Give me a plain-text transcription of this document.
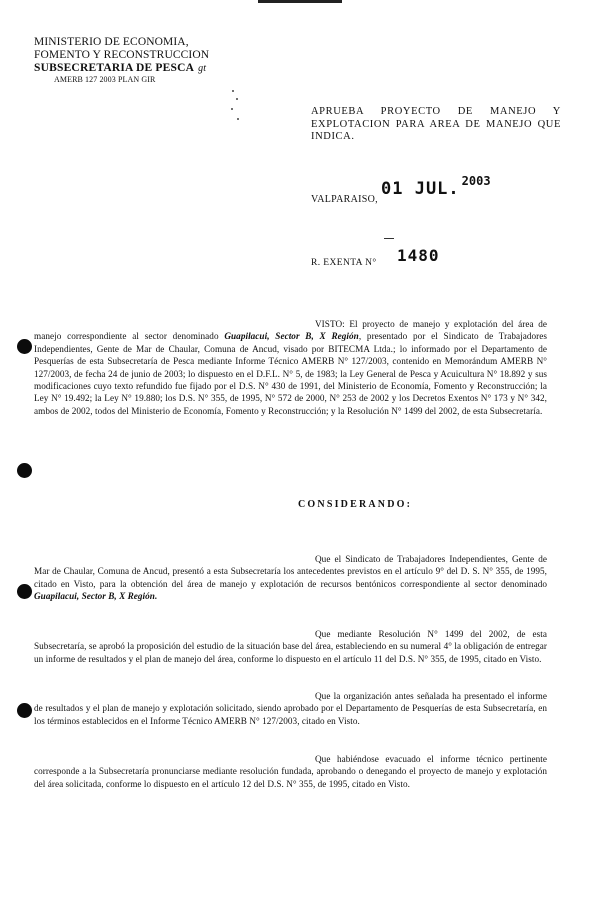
MINISTERIO DE ECONOMIA,
FOMENTO Y RECONSTRUCCION
SUBSECRETARIA DE PESCA gt
AMERB 127 2003 PLAN GIR
APRUEBA PROYECTO DE MANEJO Y EXPLOTACION PARA AREA DE MANEJO QUE INDICA.
VALPARAISO,
01 JUL. $^{2003}$
R. EXENTA N° 1480
VISTO: El proyecto de manejo y explotación del área de manejo correspondiente al sector denominado Guapilacui, Sector B, X Región, presentado por el Sindicato de Trabajadores Independientes, Gente de Mar de Chaular, Comuna de Ancud, visado por BITECMA Ltda.; lo informado por el Departamento de Pesquerías de esta Subsecretaría de Pesca mediante Informe Técnico AMERB N° 127/2003, contenido en Memorándum AMERB N° 127/2003, de fecha 24 de junio de 2003; lo dispuesto en el D.F.L. N° 5, de 1983; la Ley General de Pesca y Acuicultura N° 18.892 y sus modificaciones cuyo texto refundido fue fijado por el D.S. N° 430 de 1991, del Ministerio de Economía, Fomento y Reconstrucción; la Ley N° 19.492; la Ley N° 19.880; los D.S. N° 355, de 1995, N° 572 de 2000, N° 253 de 2002 y los Decretos Exentos N° 173 y N° 342, ambos de 2002, todos del Ministerio de Economía, Fomento y Reconstrucción; y la Resolución N° 1499 del 2002, de esta Subsecretaría.
CONSIDERANDO:
Que el Sindicato de Trabajadores Independientes, Gente de Mar de Chaular, Comuna de Ancud, presentó a esta Subsecretaría los antecedentes previstos en el artículo 9° del D. S. N° 355, de 1995, citado en Visto, para la obtención del área de manejo y explotación de recursos bentónicos correspondiente al sector denominado Guapilacui, Sector B, X Región.
Que mediante Resolución N° 1499 del 2002, de esta Subsecretaría, se aprobó la proposición del estudio de la situación base del área, estableciendo en su numeral 4° la obligación de entregar un informe de resultados y el plan de manejo del área, conforme lo dispuesto en el artículo 11 del D.S. N° 355, de 1995, citado en Visto.
Que la organización antes señalada ha presentado el informe de resultados y el plan de manejo y explotación solicitado, siendo aprobado por el Departamento de Pesquerías de esta Subsecretaría, en los términos establecidos en el Informe Técnico AMERB N° 127/2003, citado en Visto.
Que habiéndose evacuado el informe técnico pertinente corresponde a la Subsecretaría pronunciarse mediante resolución fundada, aprobando o denegando el proyecto de manejo y explotación del área solicitada, conforme lo dispuesto en el artículo 12 del D.S. N° 355, de 1995, citado en Visto.
